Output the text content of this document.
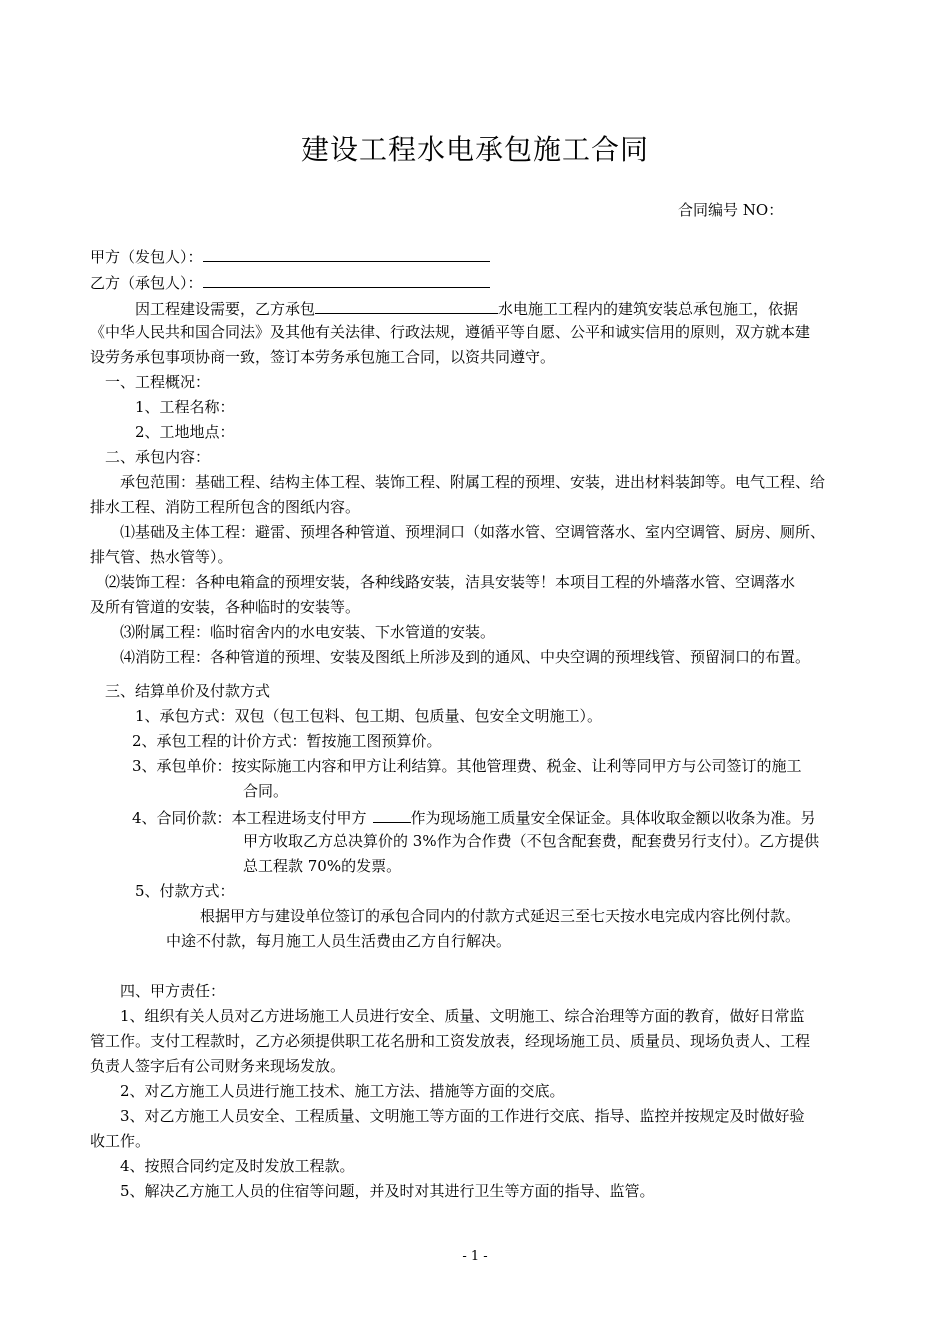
建设工程水电承包施工合同
合同编号 NO：
甲方（发包人）：
乙方（承包人）：
因工程建设需要，乙方承包	水电施工工程内的建筑安装总承包施工，依据
《中华人民共和国合同法》及其他有关法律、行政法规，遵循平等自愿、公平和诚实信用的原则，双方就本建
设劳务承包事项协商一致，签订本劳务承包施工合同，以资共同遵守。
一、工程概况：
1、工程名称：
2、工地地点：
二、承包内容：
承包范围：基础工程、结构主体工程、装饰工程、附属工程的预埋、安装，进出材料装卸等。电气工程、给
排水工程、消防工程所包含的图纸内容。
⑴基础及主体工程：避雷、预埋各种管道、预埋洞口（如落水管、空调管落水、室内空调管、厨房、厕所、
排气管、热水管等）。
⑵装饰工程：各种电箱盒的预埋安装，各种线路安装，洁具安装等！本项目工程的外墙落水管、空调落水
及所有管道的安装，各种临时的安装等。
⑶附属工程：临时宿舍内的水电安装、下水管道的安装。
⑷消防工程：各种管道的预埋、安装及图纸上所涉及到的通风、中央空调的预埋线管、预留洞口的布置。
三、结算单价及付款方式
1、承包方式：双包（包工包料、包工期、包质量、包安全文明施工）。
2、承包工程的计价方式：暂按施工图预算价。
3、承包单价：按实际施工内容和甲方让利结算。其他管理费、税金、让利等同甲方与公司签订的施工
合同。
4、合同价款：本工程进场支付甲方	作为现场施工质量安全保证金。具体收取金额以收条为准。另
甲方收取乙方总决算价的 3%作为合作费（不包含配套费，配套费另行支付）。乙方提供
总工程款 70%的发票。
5、付款方式：
根据甲方与建设单位签订的承包合同内的付款方式延迟三至七天按水电完成内容比例付款。
中途不付款，每月施工人员生活费由乙方自行解决。
四、甲方责任：
1、组织有关人员对乙方进场施工人员进行安全、质量、文明施工、综合治理等方面的教育，做好日常监
管工作。支付工程款时，乙方必须提供职工花名册和工资发放表，经现场施工员、质量员、现场负责人、工程
负责人签字后有公司财务来现场发放。
2、对乙方施工人员进行施工技术、施工方法、措施等方面的交底。
3、对乙方施工人员安全、工程质量、文明施工等方面的工作进行交底、指导、监控并按规定及时做好验
收工作。
4、按照合同约定及时发放工程款。
5、解决乙方施工人员的住宿等问题，并及时对其进行卫生等方面的指导、监管。
- 1 -
